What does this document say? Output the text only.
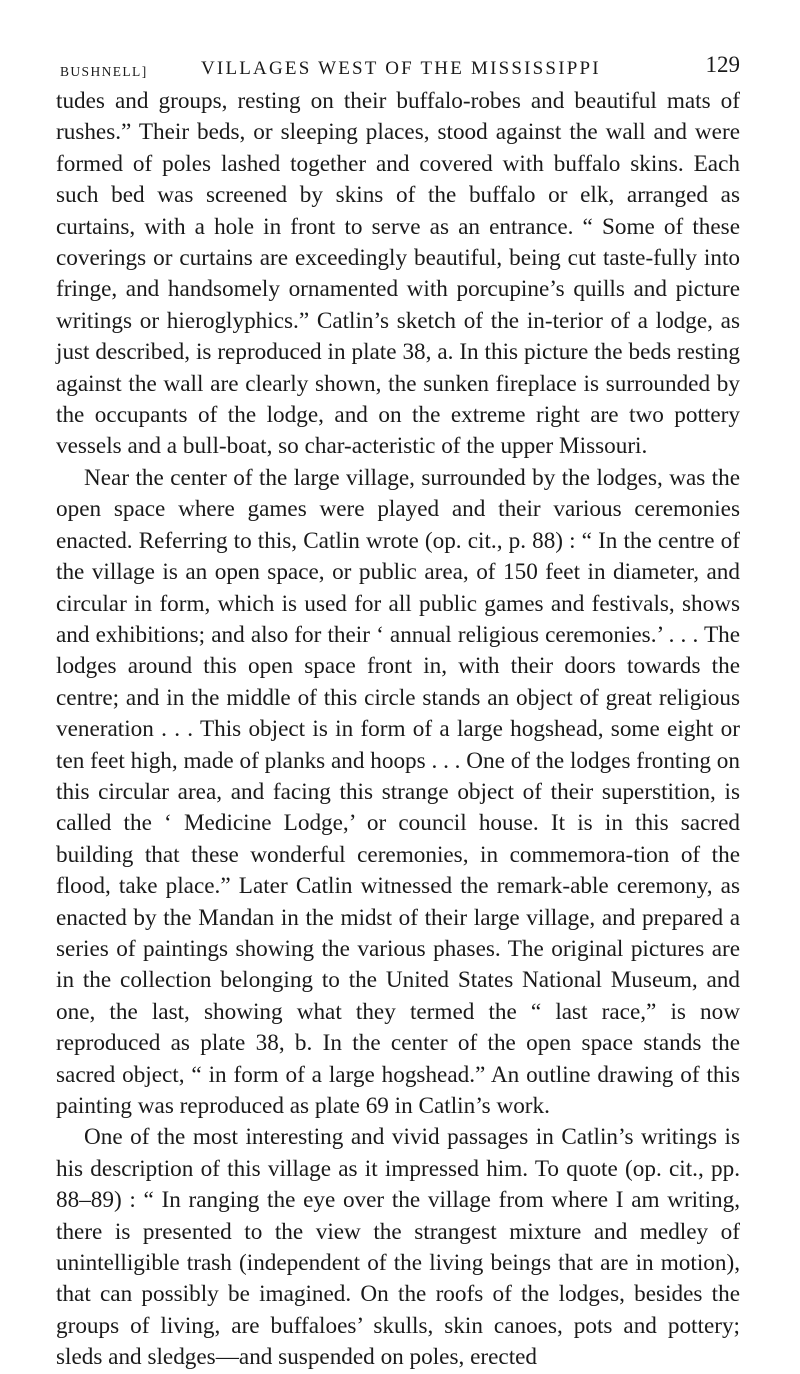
BUSHNELL]	VILLAGES WEST OF THE MISSISSIPPI	129

tudes and groups, resting on their buffalo-robes and beautiful mats of rushes.” Their beds, or sleeping places, stood against the wall and were formed of poles lashed together and covered with buffalo skins. Each such bed was screened by skins of the buffalo or elk, arranged as curtains, with a hole in front to serve as an entrance. “ Some of these coverings or curtains are exceedingly beautiful, being cut taste-fully into fringe, and handsomely ornamented with porcupine’s quills and picture writings or hieroglyphics.” Catlin’s sketch of the in-terior of a lodge, as just described, is reproduced in plate 38, a. In this picture the beds resting against the wall are clearly shown, the sunken fireplace is surrounded by the occupants of the lodge, and on the extreme right are two pottery vessels and a bull-boat, so char-acteristic of the upper Missouri.

Near the center of the large village, surrounded by the lodges, was the open space where games were played and their various ceremonies enacted. Referring to this, Catlin wrote (op. cit., p. 88) : “ In the centre of the village is an open space, or public area, of 150 feet in diameter, and circular in form, which is used for all public games and festivals, shows and exhibitions; and also for their ‘ annual religious ceremonies.’ . . . The lodges around this open space front in, with their doors towards the centre; and in the middle of this circle stands an object of great religious veneration . . . This object is in form of a large hogshead, some eight or ten feet high, made of planks and hoops . . . One of the lodges fronting on this circular area, and facing this strange object of their superstition, is called the ‘ Medicine Lodge,’ or council house. It is in this sacred building that these wonderful ceremonies, in commemora-tion of the flood, take place.” Later Catlin witnessed the remark-able ceremony, as enacted by the Mandan in the midst of their large village, and prepared a series of paintings showing the various phases. The original pictures are in the collection belonging to the United States National Museum, and one, the last, showing what they termed the “ last race,” is now reproduced as plate 38, b. In the center of the open space stands the sacred object, “ in form of a large hogshead.” An outline drawing of this painting was reproduced as plate 69 in Catlin’s work.

One of the most interesting and vivid passages in Catlin’s writings is his description of this village as it impressed him. To quote (op. cit., pp. 88–89) : “ In ranging the eye over the village from where I am writing, there is presented to the view the strangest mixture and medley of unintelligible trash (independent of the living beings that are in motion), that can possibly be imagined. On the roofs of the lodges, besides the groups of living, are buffaloes’ skulls, skin canoes, pots and pottery; sleds and sledges—and suspended on poles, erected
